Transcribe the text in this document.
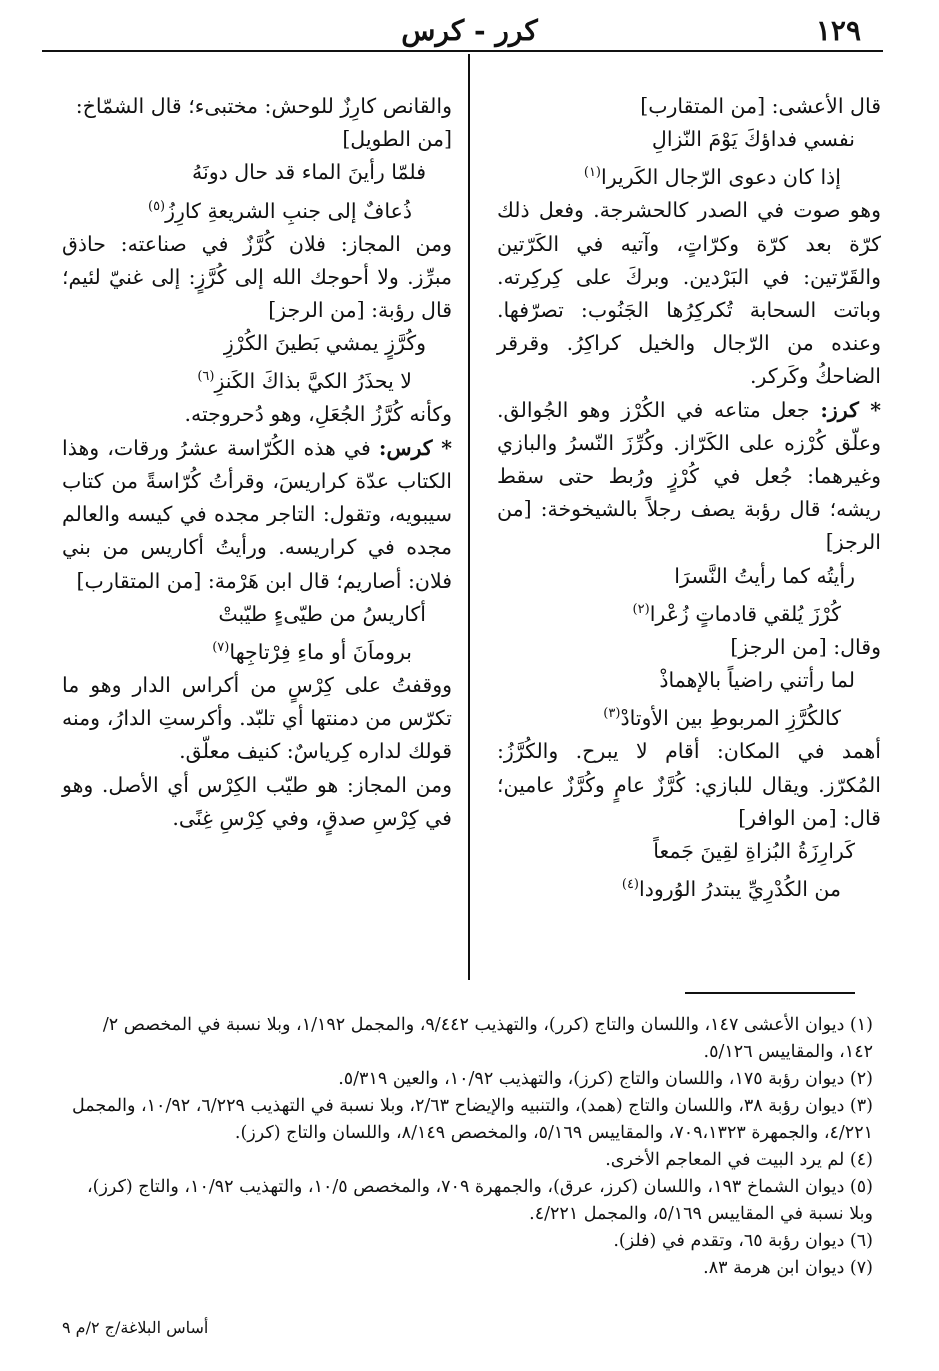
١٢٩
كرر - كرس

قال الأعشى: [من المتقارب]

نفسي فداؤكَ يَوْمَ النّزالِ

إذا كان دعوى الرّجال الكَريرا$^{(١)}$

وهو صوت في الصدر كالحشرجة. وفعل ذلك كرّة بعد كرّة وكرّاتٍ، وآتيه في الكَرّتين والقَرّتين: في البَرْدين. وبركَ على كِركِرته. وباتت السحابة تُكركِرُها الجَنُوب: تصرّفها. وعنده من الرّجال والخيل كراكِرُ. وقرقر الضاحكُ وكَركر.

* كرز: جعل متاعه في الكُرْز وهو الجُوالق. وعلّق كُرْزه على الكَرّاز. وكُرِّزَ النّسرُ والبازي وغيرهما: جُعل في كُرْزٍ ورُبط حتى سقط ريشه؛ قال رؤبة يصف رجلاً بالشيخوخة: [من الرجز]

رأيتُه كما رأيتُ النَّسرَا

كُرْزَ يُلقي قادماتٍ زُعْرا$^{(٢)}$

وقال: [من الرجز]

لما رأتني راضياً بالإهماذْ

كالكُرَّزِ المربوطِ بين الأوتادْ$^{(٣)}$

أهمد في المكان: أقام لا يبرح. والكُرَّزُ: المُكرّز. ويقال للبازي: كُرَّزٌ عامٍ وكُرَّزٌ عامين؛ قال: [من الوافر]

كَرارِزَةُ البُزاةِ لقِينَ جَمعاً

من الكُدْرِيِّ يبتدرُ الوُرودا$^{(٤)}$

والقانص كارِزٌ للوحش: مختبىء؛ قال الشمّاخ:

[من الطويل]

فلمّا رأينَ الماء قد حال دونَهُ

ذُعافٌ إلى جنبِ الشريعةِ كارِزُ$^{(٥)}$

ومن المجاز: فلان كُرَّزٌ في صناعته: حاذق مبرِّز. ولا أحوجك الله إلى كُرَّزٍ: إلى غنيّ لئيم؛ قال رؤبة: [من الرجز]

وكُرَّزٍ يمشي بَطينَ الكُرْزِ

لا يحذَرُ الكيَّ بذاكَ الكَنزِ$^{(٦)}$

وكأنه كُرَّزُ الجُعَلِ، وهو دُحروجته.

* كرس: في هذه الكُرّاسة عشرُ ورقات، وهذا الكتاب عدّة كراريسَ، وقرأتُ كُرّاسةً من كتاب سيبويه، وتقول: التاجر مجده في كيسه والعالم مجده في كراريسه. ورأيتُ أكاريس من بني فلان: أصاريم؛ قال ابن هَرْمة: [من المتقارب]

أكاريسُ من طيّىءٍ طيّبتْ

بروماَنَ أو ماءِ فِرْتاجِها$^{(٧)}$

ووقفتُ على كِرْسٍ من أكراس الدار وهو ما تكرّس من دمنتها أي تلبّد. وأكرستِ الدارُ، ومنه قولك لداره كِرياسٌ: كنيف معلّق.

ومن المجاز: هو طيّب الكِرْس أي الأصل. وهو في كِرْسِ صدقٍ، وفي كِرْسِ غِنًى.

(١) ديوان الأعشى ١٤٧، واللسان والتاج (كرر)، والتهذيب ٩/٤٤٢، والمجمل ١/١٩٢، وبلا نسبة في المخصص ٢/ ١٤٢، والمقاييس ٥/١٢٦.

(٢) ديوان رؤبة ١٧٥، واللسان والتاج (كرز)، والتهذيب ١٠/٩٢، والعين ٥/٣١٩.

(٣) ديوان رؤبة ٣٨، واللسان والتاج (همد)، والتنبيه والإيضاح ٢/٦٣، وبلا نسبة في التهذيب ٦/٢٢٩، ١٠/٩٢، والمجمل ٤/٢٢١، والجمهرة ٧٠٩،١٣٢٣، والمقاييس ٥/١٦٩، والمخصص ٨/١٤٩، واللسان والتاج (كرز).

(٤) لم يرد البيت في المعاجم الأخرى.

(٥) ديوان الشماخ ١٩٣، واللسان (كرز، عرق)، والجمهرة ٧٠٩، والمخصص ١٠/٥، والتهذيب ١٠/٩٢، والتاج (كرز)، وبلا نسبة في المقاييس ٥/١٦٩، والمجمل ٤/٢٢١.

(٦) ديوان رؤبة ٦٥، وتقدم في (فلز).

(٧) ديوان ابن هرمة ٨٣.

أساس البلاغة/ج ٢/م ٩
